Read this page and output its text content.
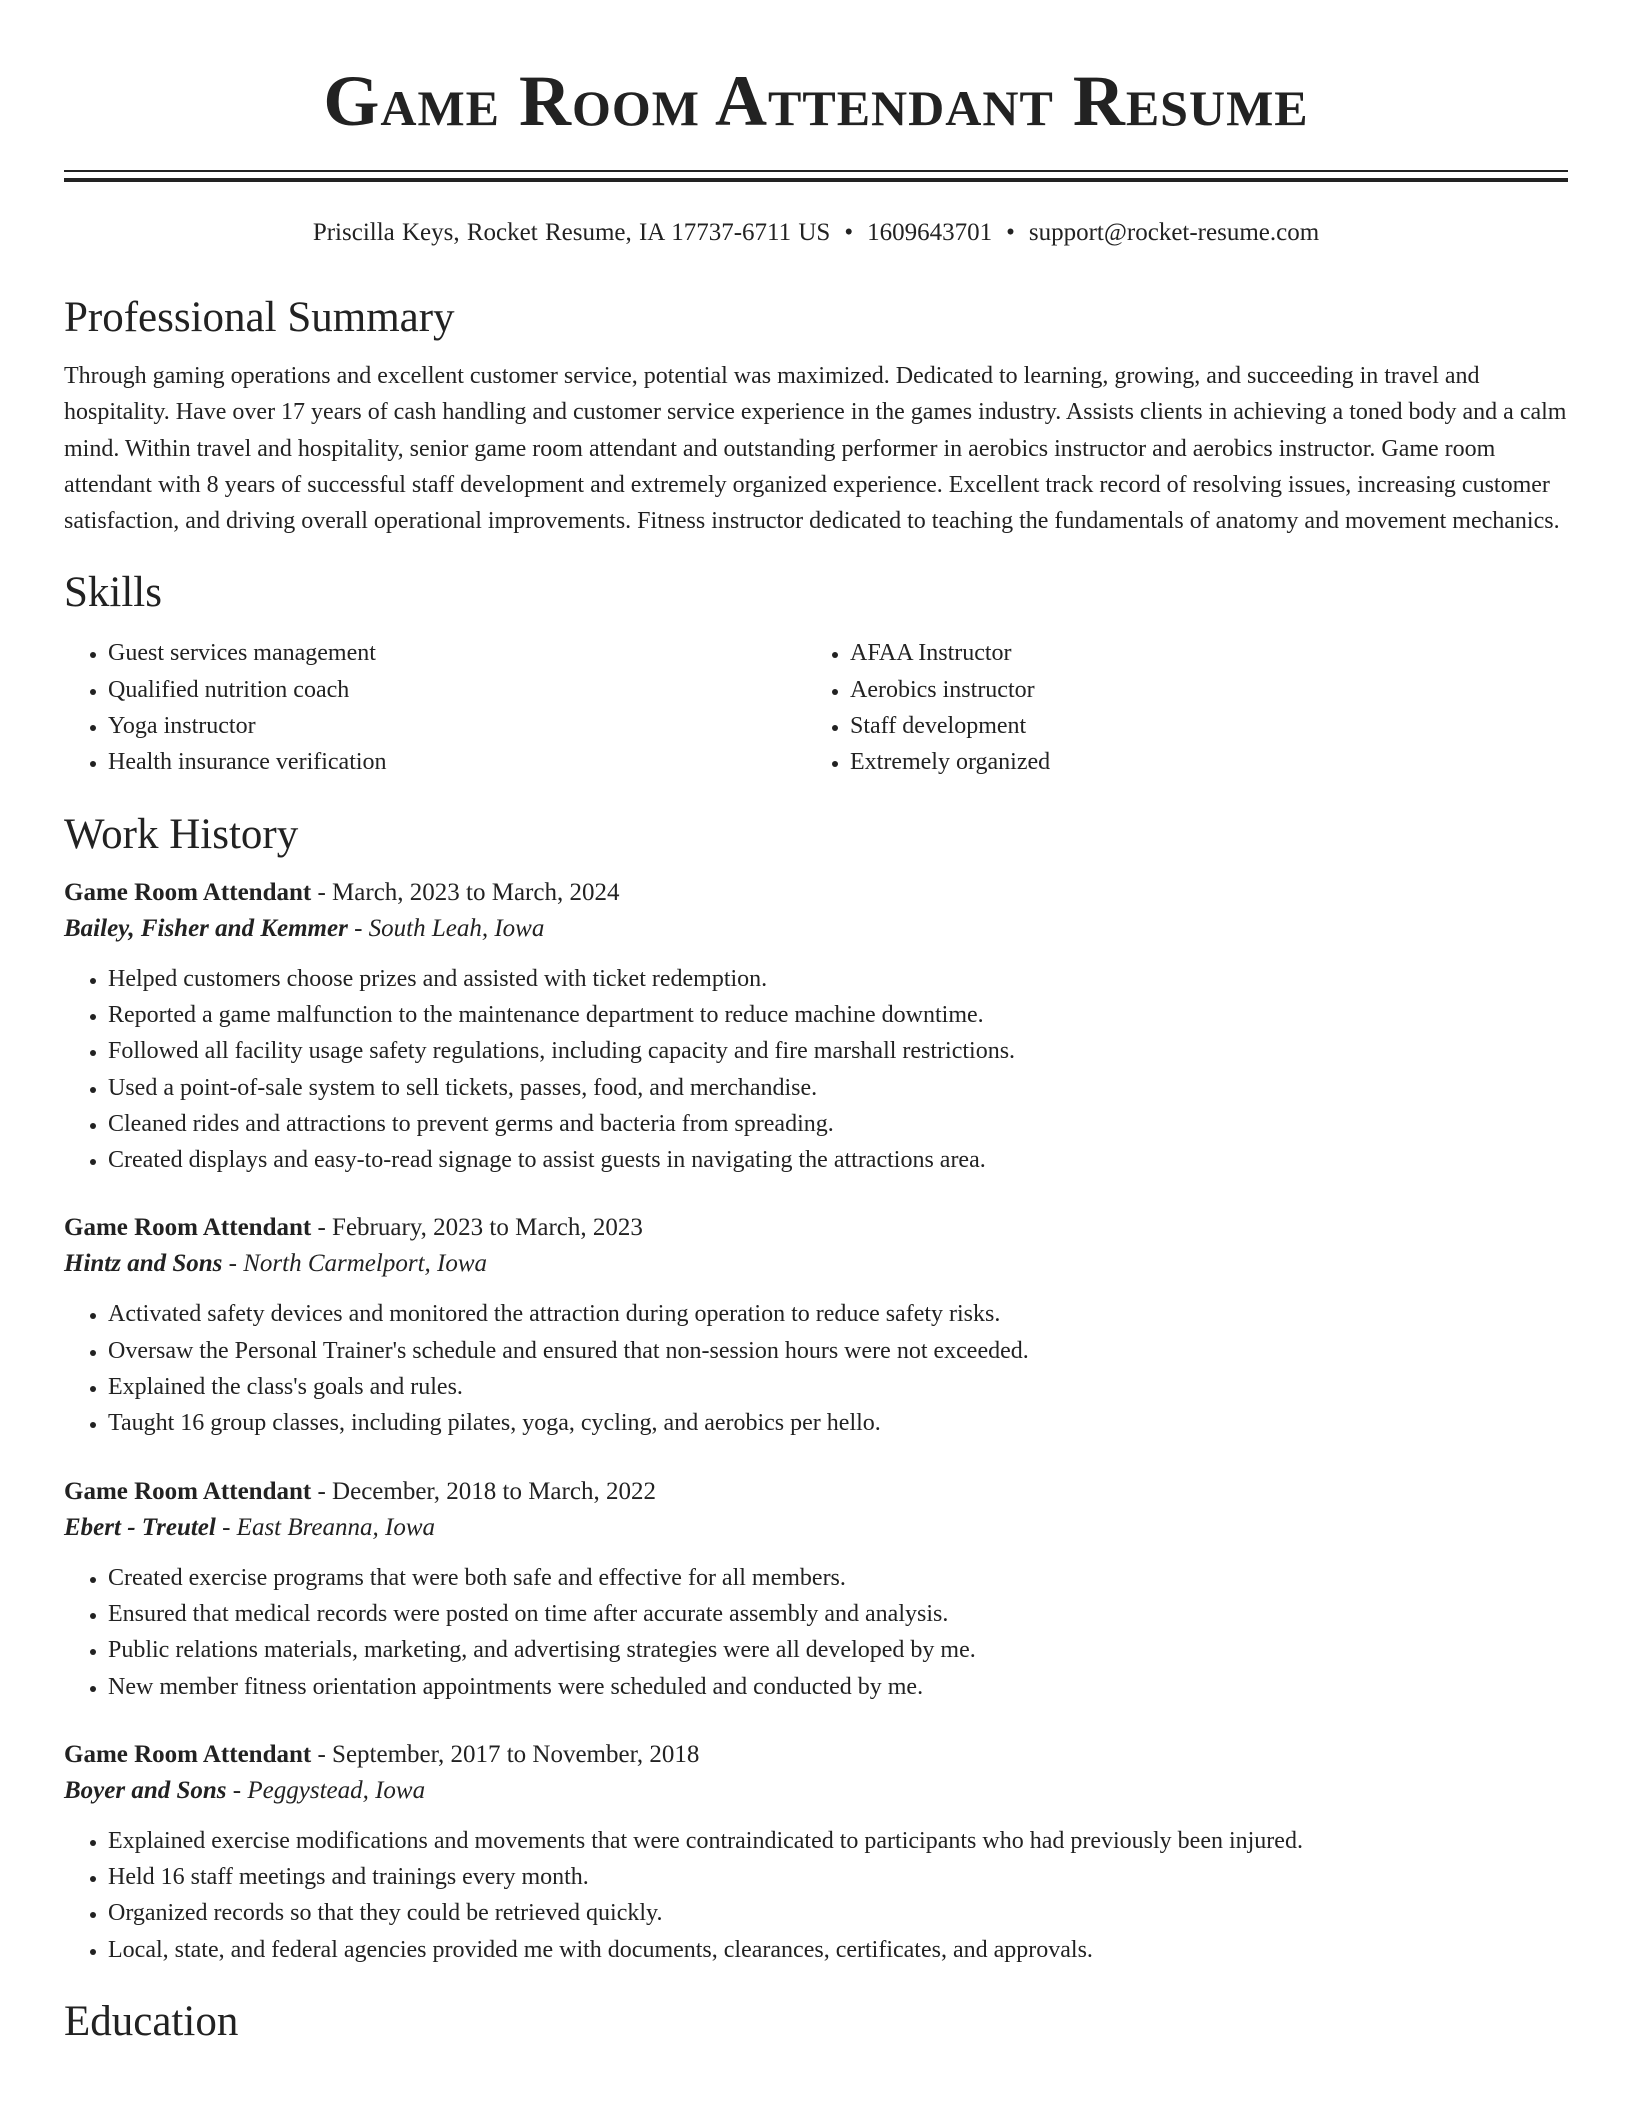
Game Room Attendant Resume
Priscilla Keys, Rocket Resume, IA 17737-6711 US • 1609643701 • support@rocket-resume.com
Professional Summary

Through gaming operations and excellent customer service, potential was maximized. Dedicated to learning, growing, and succeeding in travel and hospitality. Have over 17 years of cash handling and customer service experience in the games industry. Assists clients in achieving a toned body and a calm mind. Within travel and hospitality, senior game room attendant and outstanding performer in aerobics instructor and aerobics instructor. Game room attendant with 8 years of successful staff development and extremely organized experience. Excellent track record of resolving issues, increasing customer satisfaction, and driving overall operational improvements. Fitness instructor dedicated to teaching the fundamentals of anatomy and movement mechanics.

Skills
• Guest services management
• Qualified nutrition coach
• Yoga instructor
• Health insurance verification
• AFAA Instructor
• Aerobics instructor
• Staff development
• Extremely organized
Work History
Game Room Attendant - March, 2023 to March, 2024
Bailey, Fisher and Kemmer - South Leah, Iowa
• Helped customers choose prizes and assisted with ticket redemption.
• Reported a game malfunction to the maintenance department to reduce machine downtime.
• Followed all facility usage safety regulations, including capacity and fire marshall restrictions.
• Used a point-of-sale system to sell tickets, passes, food, and merchandise.
• Cleaned rides and attractions to prevent germs and bacteria from spreading.
• Created displays and easy-to-read signage to assist guests in navigating the attractions area.
Game Room Attendant - February, 2023 to March, 2023
Hintz and Sons - North Carmelport, Iowa
• Activated safety devices and monitored the attraction during operation to reduce safety risks.
• Oversaw the Personal Trainer's schedule and ensured that non-session hours were not exceeded.
• Explained the class's goals and rules.
• Taught 16 group classes, including pilates, yoga, cycling, and aerobics per hello.
Game Room Attendant - December, 2018 to March, 2022
Ebert - Treutel - East Breanna, Iowa
• Created exercise programs that were both safe and effective for all members.
• Ensured that medical records were posted on time after accurate assembly and analysis.
• Public relations materials, marketing, and advertising strategies were all developed by me.
• New member fitness orientation appointments were scheduled and conducted by me.
Game Room Attendant - September, 2017 to November, 2018
Boyer and Sons - Peggystead, Iowa
• Explained exercise modifications and movements that were contraindicated to participants who had previously been injured.
• Held 16 staff meetings and trainings every month.
• Organized records so that they could be retrieved quickly.
• Local, state, and federal agencies provided me with documents, clearances, certificates, and approvals.
Education
